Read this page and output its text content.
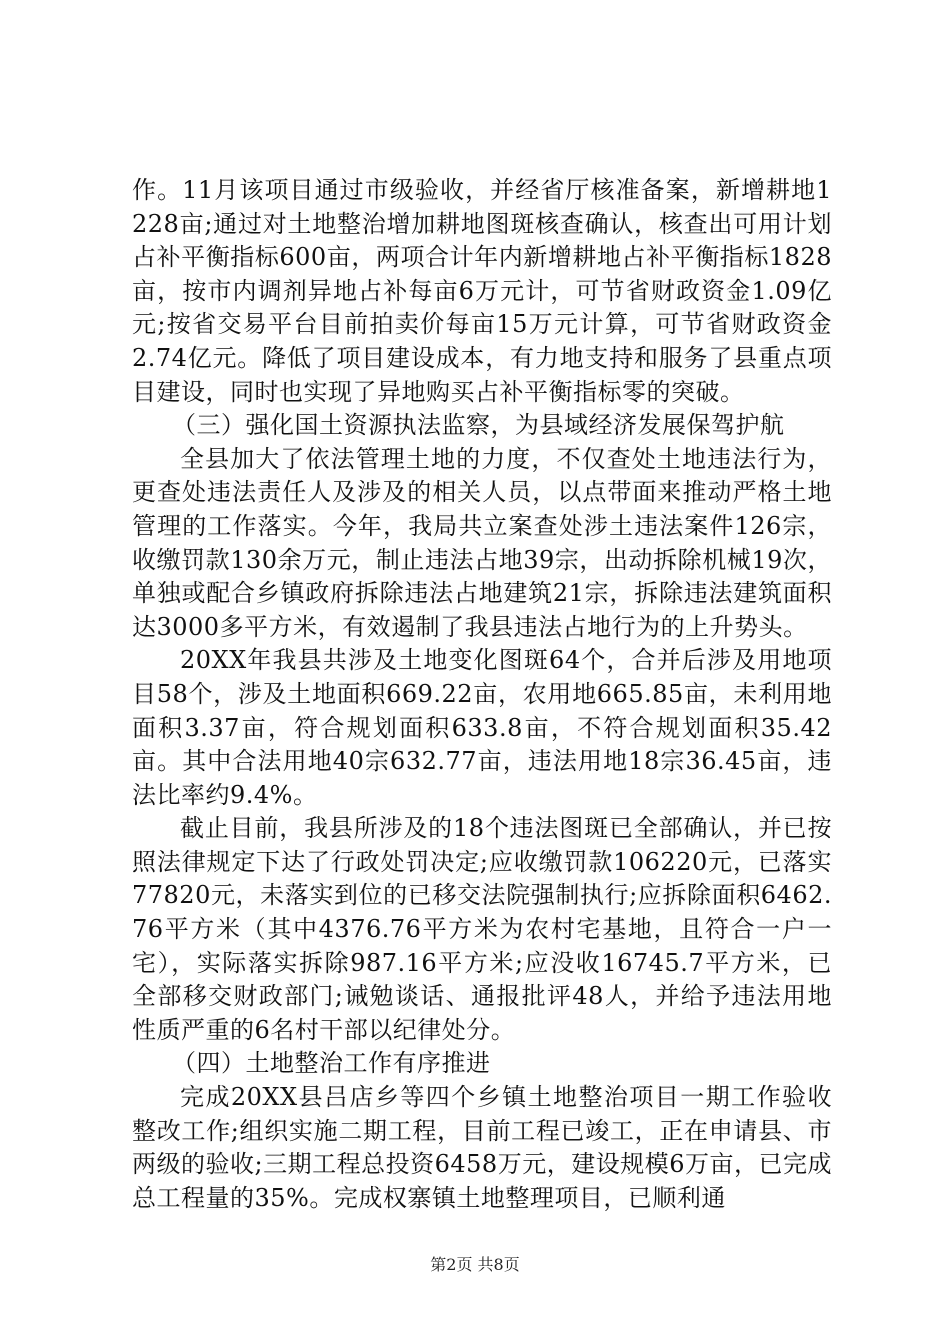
作。11月该项目通过市级验收，并经省厅核准备案，新增耕地1228亩;通过对土地整治增加耕地图斑核查确认，核查出可用计划占补平衡指标600亩，两项合计年内新增耕地占补平衡指标1828亩，按市内调剂异地占补每亩6万元计，可节省财政资金1.09亿元;按省交易平台目前拍卖价每亩15万元计算，可节省财政资金2.74亿元。降低了项目建设成本，有力地支持和服务了县重点项目建设，同时也实现了异地购买占补平衡指标零的突破。

（三）强化国土资源执法监察，为县域经济发展保驾护航

全县加大了依法管理土地的力度，不仅查处土地违法行为，更查处违法责任人及涉及的相关人员，以点带面来推动严格土地管理的工作落实。今年，我局共立案查处涉土违法案件126宗，收缴罚款130余万元，制止违法占地39宗，出动拆除机械19次，单独或配合乡镇政府拆除违法占地建筑21宗，拆除违法建筑面积达3000多平方米，有效遏制了我县违法占地行为的上升势头。

20XX年我县共涉及土地变化图斑64个，合并后涉及用地项目58个，涉及土地面积669.22亩，农用地665.85亩，未利用地面积3.37亩，符合规划面积633.8亩，不符合规划面积35.42亩。其中合法用地40宗632.77亩，违法用地18宗36.45亩，违法比率约9.4%。

截止目前，我县所涉及的18个违法图斑已全部确认，并已按照法律规定下达了行政处罚决定;应收缴罚款106220元，已落实77820元，未落实到位的已移交法院强制执行;应拆除面积6462.76平方米（其中4376.76平方米为农村宅基地，且符合一户一宅），实际落实拆除987.16平方米;应没收16745.7平方米，已全部移交财政部门;诫勉谈话、通报批评48人，并给予违法用地性质严重的6名村干部以纪律处分。

（四）土地整治工作有序推进

完成20XX县吕店乡等四个乡镇土地整治项目一期工作验收整改工作;组织实施二期工程，目前工程已竣工，正在申请县、市两级的验收;三期工程总投资6458万元，建设规模6万亩，已完成总工程量的35%。完成权寨镇土地整理项目，已顺利通

第2页 共8页
